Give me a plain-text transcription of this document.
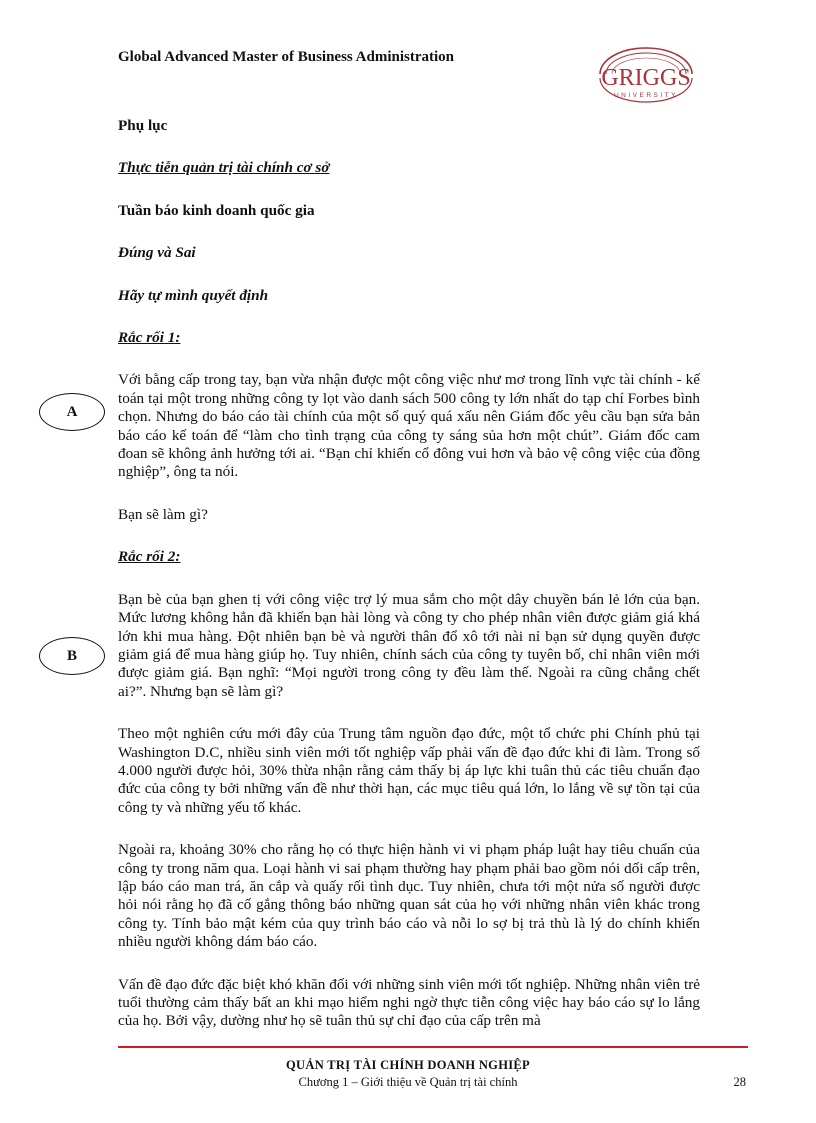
Global Advanced Master of Business Administration
GRIGGS
UNIVERSITY
Phụ lục
Thực tiễn quản trị tài chính cơ sở
Tuần báo kinh doanh quốc gia
Đúng và Sai
Hãy tự mình quyết định
Rắc rối 1:

Với bằng cấp trong tay, bạn vừa nhận được một công việc như mơ trong lĩnh vực tài chính - kế toán tại một trong những công ty lọt vào danh sách 500 công ty lớn nhất do tạp chí Forbes bình chọn. Nhưng do báo cáo tài chính của một số quý quá xấu nên Giám đốc yêu cầu bạn sửa bản báo cáo kế toán để “làm cho tình trạng của công ty sáng sủa hơn một chút”. Giám đốc cam đoan sẽ không ảnh hưởng tới ai. “Bạn chỉ khiến cổ đông vui hơn và bảo vệ công việc của đồng nghiệp”, ông ta nói.

Bạn sẽ làm gì?

Rắc rối 2:

Bạn bè của bạn ghen tị với công việc trợ lý mua sắm cho một dây chuyền bán lẻ lớn của bạn. Mức lương không hẳn đã khiến bạn hài lòng và công ty cho phép nhân viên được giảm giá khá lớn khi mua hàng. Đột nhiên bạn bè và người thân đổ xô tới nài nỉ bạn sử dụng quyền được giảm giá để mua hàng giúp họ. Tuy nhiên, chính sách của công ty tuyên bố, chỉ nhân viên mới được giảm giá. Bạn nghĩ: “Mọi người trong công ty đều làm thế. Ngoài ra cũng chẳng chết ai?”. Nhưng bạn sẽ làm gì?

Theo một nghiên cứu mới đây của Trung tâm nguồn đạo đức, một tổ chức phi Chính phủ tại Washington D.C, nhiều sinh viên mới tốt nghiệp vấp phải vấn đề đạo đức khi đi làm. Trong số 4.000 người được hỏi, 30% thừa nhận rằng cảm thấy bị áp lực khi tuân thủ các tiêu chuẩn đạo đức của công ty bởi những vấn đề như thời hạn, các mục tiêu quá lớn, lo lắng về sự tồn tại của công ty và những yếu tố khác.

Ngoài ra, khoảng 30% cho rằng họ có thực hiện hành vi vi phạm pháp luật hay tiêu chuẩn của công ty trong năm qua. Loại hành vi sai phạm thường hay phạm phải bao gồm nói dối cấp trên, lập báo cáo man trá, ăn cắp và quấy rối tình dục. Tuy nhiên, chưa tới một nửa số người được hỏi nói rằng họ đã cố gắng thông báo những quan sát của họ với những nhân viên khác trong công ty. Tính bảo mật kém của quy trình báo cáo và nỗi lo sợ bị trả thù là lý do chính khiến nhiều người không dám báo cáo.

Vấn đề đạo đức đặc biệt khó khăn đối với những sinh viên mới tốt nghiệp. Những nhân viên trẻ tuổi thường cảm thấy bất an khi mạo hiểm nghi ngờ thực tiễn công việc hay báo cáo sự lo lắng của họ. Bởi vậy, dường như họ sẽ tuân thủ sự chỉ đạo của cấp trên mà

A
B
QUẢN TRỊ TÀI CHÍNH DOANH NGHIỆP
Chương 1 – Giới thiệu về Quản trị tài chính	28
